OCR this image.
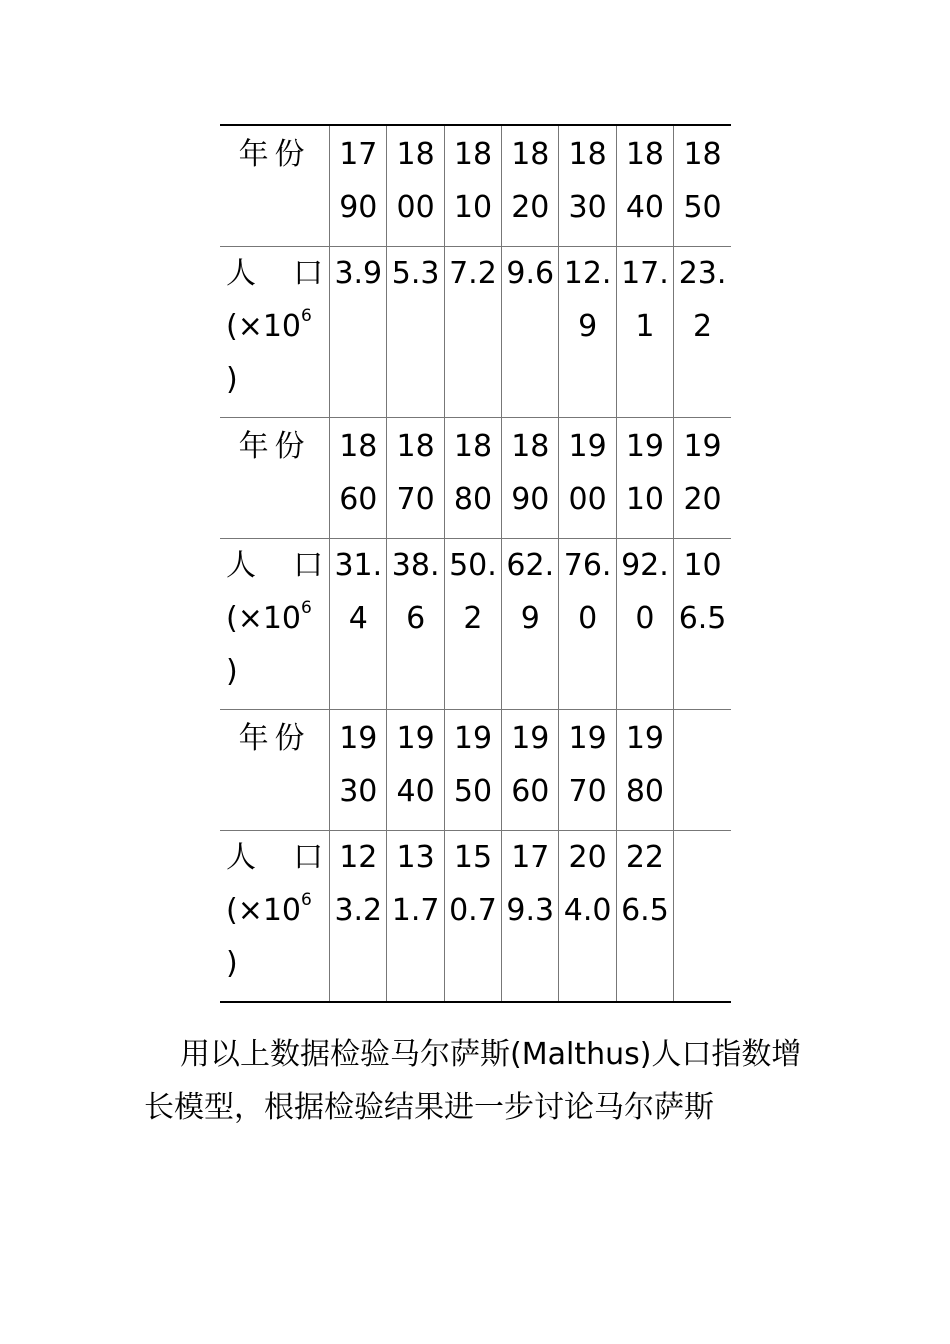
年份	1790	1800	1810	1820	1830	1840	1850

人　口
($\times 10^6$
)	3.9	5.3	7.2	9.6	12.9	17.1	23.2
年份	1860	1870	1880	1890	1900	1910	1920

人　口
($\times 10^6$
)	31.4	38.6	50.2	62.9	76.0	92.0	106.5
年份	1930	1940	1950	1960	1970	1980	

人　口
($\times 10^6$
)	123.2	131.7	150.7	179.3	204.0	226.5	

用以上数据检验马尔萨斯(Malthus)人口指数增长模型，根据检验结果进一步讨论马尔萨斯
